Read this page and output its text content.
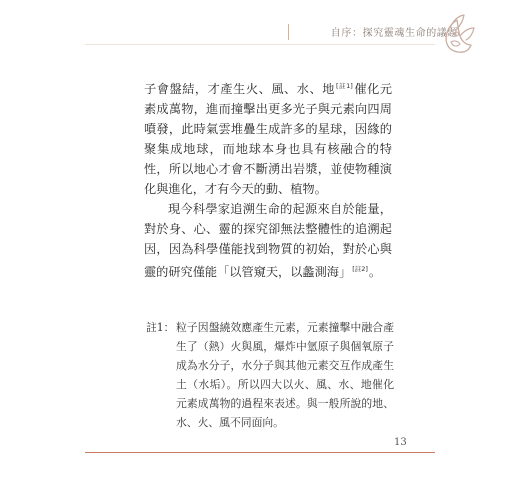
自序：探究靈魂生命的議題

子會盤結，才產生火、風、水、地[註1]催化元素成萬物，進而撞擊出更多光子與元素向四周噴發，此時氣雲堆疊生成許多的星球，因緣的聚集成地球，而地球本身也具有核融合的特性，所以地心才會不斷湧出岩漿，並使物種演化與進化，才有今天的動、植物。

現今科學家追溯生命的起源來自於能量，對於身、心、靈的探究卻無法整體性的追溯起因，因為科學僅能找到物質的初始，對於心與靈的研究僅能「以管窺天，以蠡測海」[註2]。

註1： 粒子因盤繞效應產生元素，元素撞擊中融合產生了（熱）火與風，爆炸中氫原子與個氧原子成為水分子，水分子與其他元素交互作成產生土（水垢）。所以四大以火、風、水、地催化元素成萬物的過程來表述。與一般所說的地、水、火、風不同面向。
13
